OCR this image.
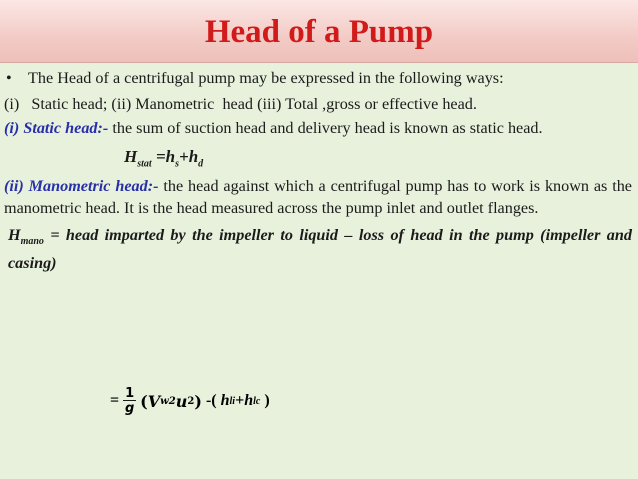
Head of a Pump
•	The Head of a centrifugal pump may be expressed in the following ways:
(i)   Static head; (ii) Manometric  head (iii) Total ,gross or effective head.
(i) Static head:- the sum of suction head and delivery head is known as static head.
$H_{stat} =h_s+h_d$
(ii) Manometric head:- the head against which a centrifugal pump has to work is known as the manometric head. It is the head measured across the pump inlet and outlet flanges.
$H_{mano}$ = head imparted by the impeller to liquid – loss of head in the pump (impeller and casing)
= $\frac{1}{g}$ ( V w2 u 2 ) -( h li + h lc )
